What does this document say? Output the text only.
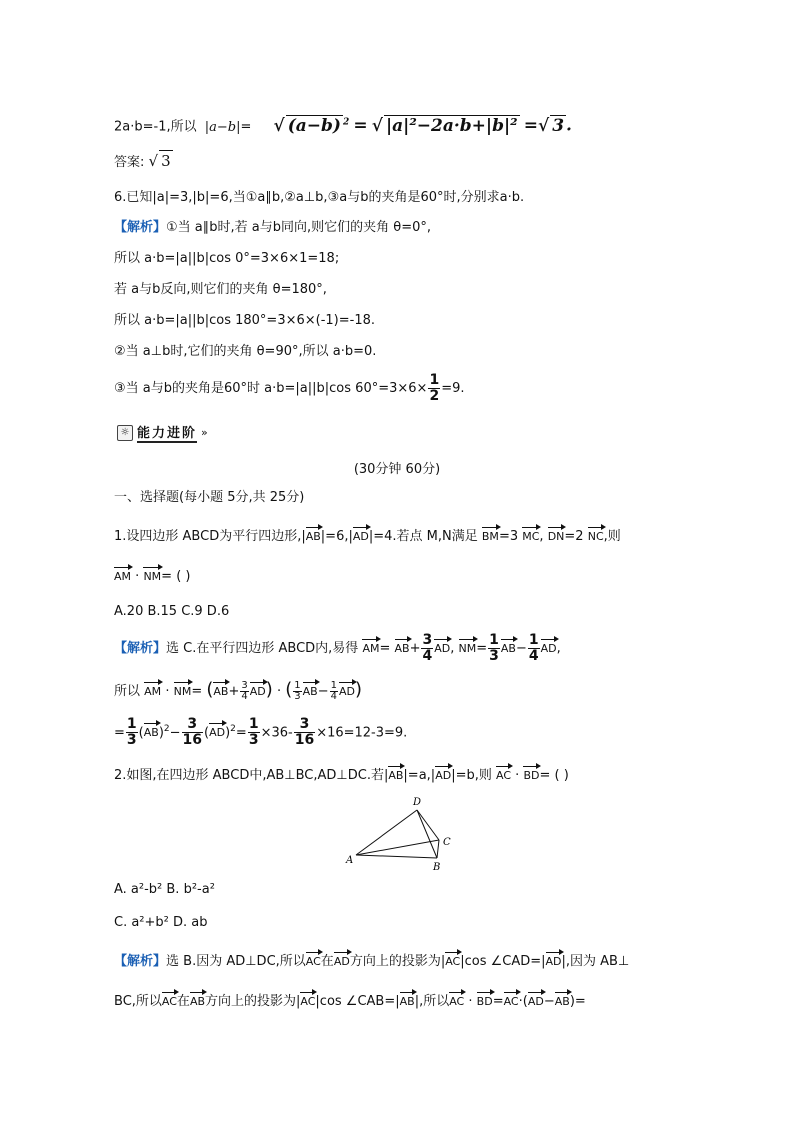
2a·b=-1,所以 |a−b|= √ (a−b) $^2$ = √ |a|²−2a·b+|b|² =√ 3 .
答案: √ 3
6.已知|a|=3,|b|=6,当①a∥b,②a⊥b,③a与b的夹角是60°时,分别求a·b.
【解析】①当 a∥b时,若 a与b同向,则它们的夹角 θ=0°,
所以 a·b=|a||b|cos 0°=3×6×1=18;
若 a与b反向,则它们的夹角 θ=180°,
所以 a·b=|a||b|cos 180°=3×6×(-1)=-18.
②当 a⊥b时,它们的夹角 θ=90°,所以 a·b=0.
③当 a与b的夹角是60°时 a·b=|a||b|cos $60^\circ=3\times 6\times \frac{1}{2} =9$.
☼ 能力进阶 »
(30分钟 60分)
一、选择题(每小题 5分,共 25分)
1.设四边形 ABCD为平行四边形,|AB|=6,|AD|=4.若点 M,N满足 BM=3 MC, DN=2 NC,则
AM · NM= ( )
A.20 B.15 C.9 D.6
【解析】选 C.在平行四边形 ABCD内,易得 $AM= AB+ \frac{3}{4}$ AD, $NM= \frac{1}{3} AB- \frac{1}{4}$ AD,
所以 AM · $NM= (AB+ \frac{3}{4} AD)$ · ( $\frac{1}{3} AB- \frac{1}{4} AD$)
= $\frac{1}{3} (AB)^2- \frac{3}{16} (AD)^2= \frac{1}{3} \times 36- \frac{3}{16} \times 16=12-3=9$.
2.如图,在四边形 ABCD中,AB⊥BC,AD⊥DC.若|AB|=a,|AD|=b,则 AC · BD= ( )
A
D
C
B
A. a²-b² B. b²-a²
C. a²+b² D. ab
【解析】选 B.因为 AD⊥DC,所以AC在AD方向上的投影为|AC|cos ∠CAD=|AD|,因为 AB⊥
BC,所以AC在AB方向上的投影为|AC|cos ∠CAB=|AB|,所以AC · BD=AC·(AD−AB)=
